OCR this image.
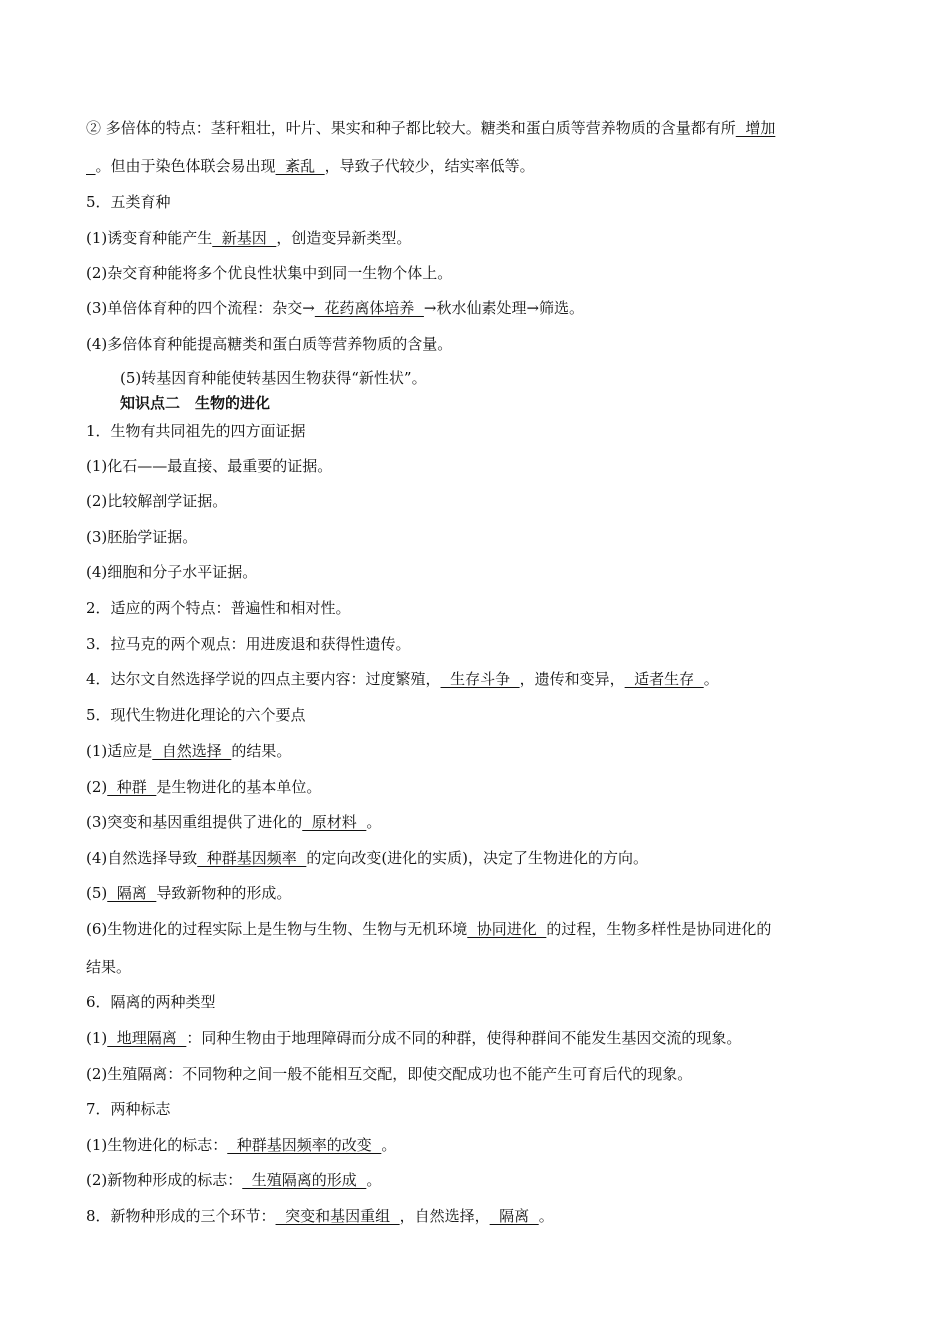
② 多倍体的特点：茎秆粗壮，叶片、果实和种子都比较大。糖类和蛋白质等营养物质的含量都有所  增加
。但由于染色体联会易出现  紊乱  ，导致子代较少，结实率低等。
5．五类育种
(1)诱变育种能产生  新基因  ，创造变异新类型。
(2)杂交育种能将多个优良性状集中到同一生物个体上。
(3)单倍体育种的四个流程：杂交→  花药离体培养  →秋水仙素处理→筛选。
(4)多倍体育种能提高糖类和蛋白质等营养物质的含量。
(5)转基因育种能使转基因生物获得“新性状”。
知识点二　生物的进化
1．生物有共同祖先的四方面证据
(1)化石——最直接、最重要的证据。
(2)比较解剖学证据。
(3)胚胎学证据。
(4)细胞和分子水平证据。
2．适应的两个特点：普遍性和相对性。
3．拉马克的两个观点：用进废退和获得性遗传。
4．达尔文自然选择学说的四点主要内容：过度繁殖，  生存斗争  ，遗传和变异，  适者生存  。
5．现代生物进化理论的六个要点
(1)适应是  自然选择  的结果。
(2)  种群  是生物进化的基本单位。
(3)突变和基因重组提供了进化的  原材料  。
(4)自然选择导致  种群基因频率  的定向改变(进化的实质)，决定了生物进化的方向。
(5)  隔离  导致新物种的形成。
(6)生物进化的过程实际上是生物与生物、生物与无机环境  协同进化  的过程，生物多样性是协同进化的
结果。
6．隔离的两种类型
(1)  地理隔离  ：同种生物由于地理障碍而分成不同的种群，使得种群间不能发生基因交流的现象。
(2)生殖隔离：不同物种之间一般不能相互交配，即使交配成功也不能产生可育后代的现象。
7．两种标志
(1)生物进化的标志：  种群基因频率的改变  。
(2)新物种形成的标志：  生殖隔离的形成  。
8．新物种形成的三个环节：  突变和基因重组  ，自然选择，  隔离  。
